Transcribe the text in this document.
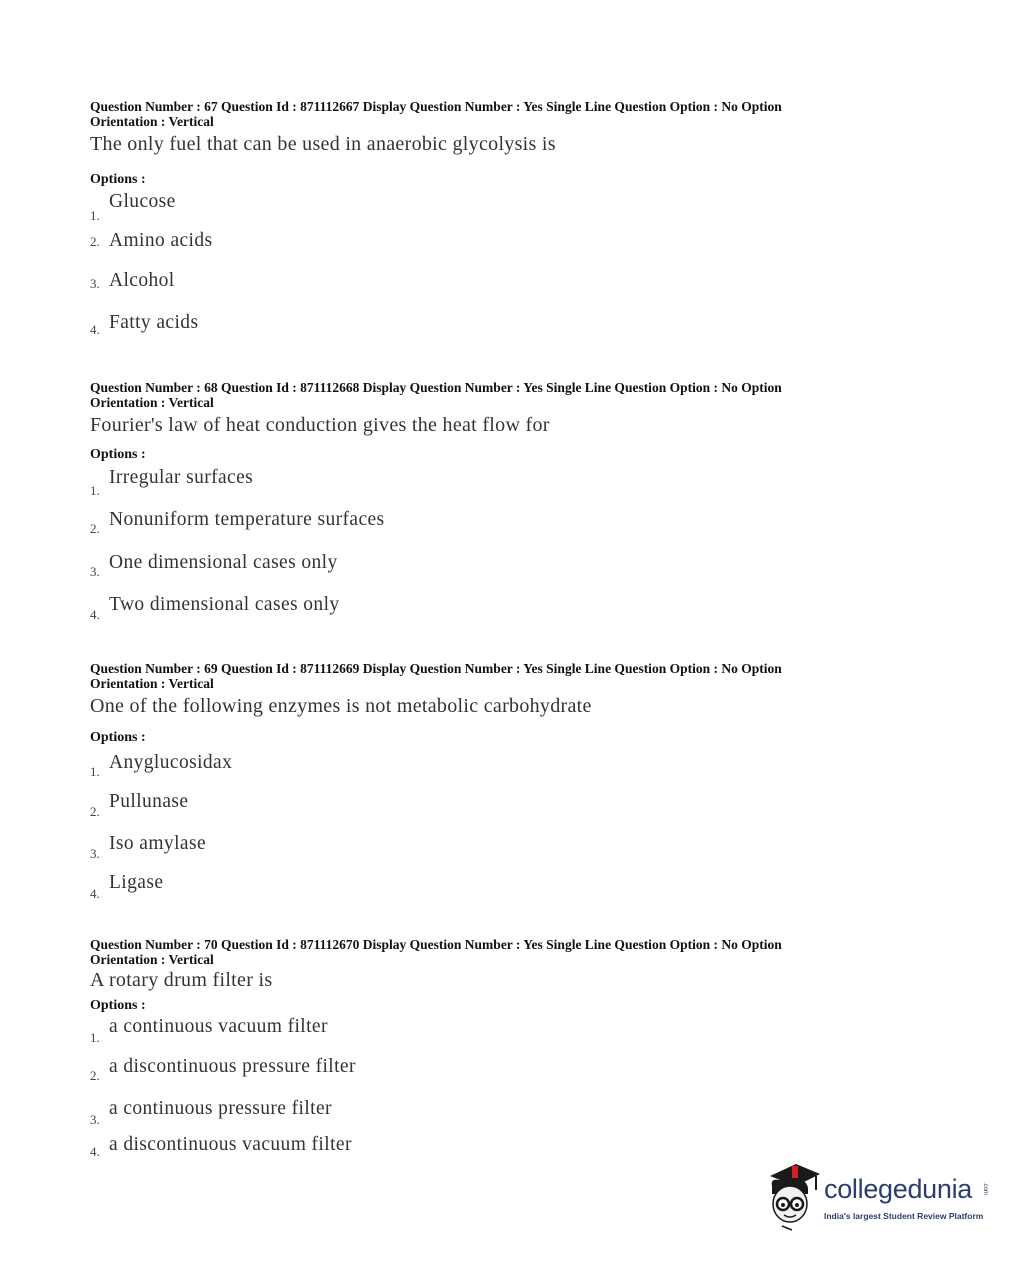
Question Number : 67 Question Id : 871112667 Display Question Number : Yes Single Line Question Option : No Option
Orientation : Vertical
The only fuel that can be used in anaerobic glycolysis is
Options :
1.
Glucose
2. Amino acids
3. Alcohol
4. Fatty acids
Question Number : 68 Question Id : 871112668 Display Question Number : Yes Single Line Question Option : No Option
Orientation : Vertical
Fourier's law of heat conduction gives the heat flow for
Options :
1.
Irregular surfaces
2. Nonuniform temperature surfaces
3. One dimensional cases only
4. Two dimensional cases only
Question Number : 69 Question Id : 871112669 Display Question Number : Yes Single Line Question Option : No Option
Orientation : Vertical
One of the following enzymes is not metabolic carbohydrate
Options :
1. Anyglucosidax
2. Pullunase
3. Iso amylase
4.
Ligase
Question Number : 70 Question Id : 871112670 Display Question Number : Yes Single Line Question Option : No Option
Orientation : Vertical
A rotary drum filter is
Options :
1.
a continuous vacuum filter
2. a discontinuous pressure filter
3.
a continuous pressure filter
4. a discontinuous vacuum filter
collegedunia .com
India's largest Student Review Platform
